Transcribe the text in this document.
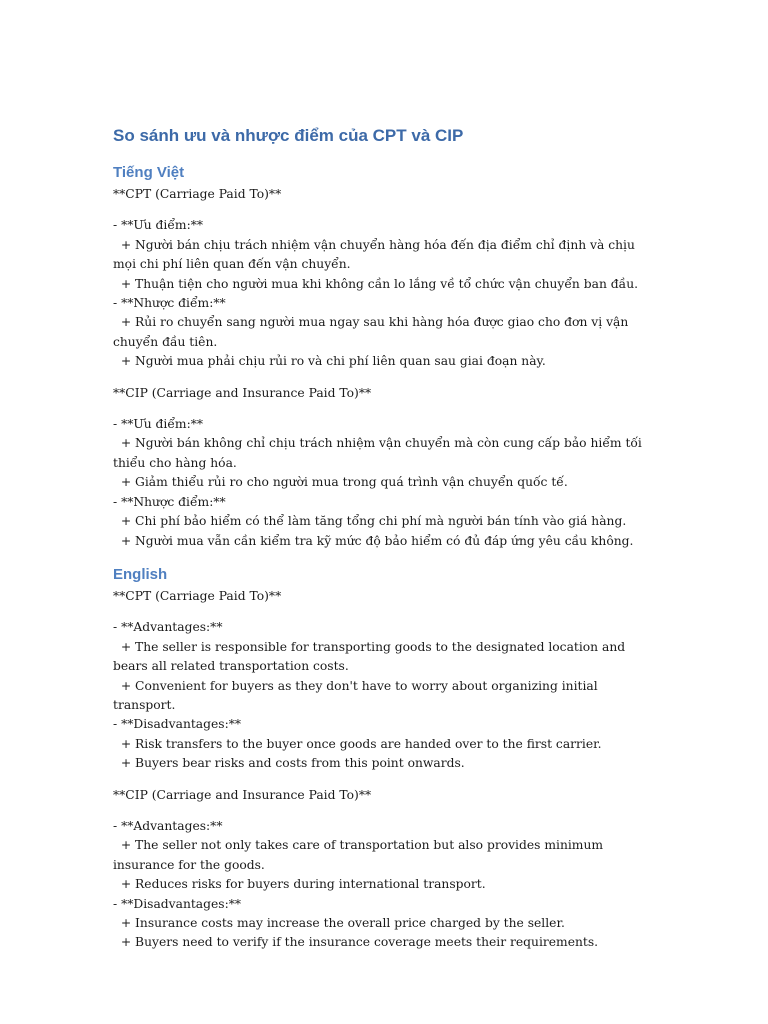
So sánh ưu và nhược điểm của CPT và CIP
Tiếng Việt

**CPT (Carriage Paid To)**

- **Ưu điểm:**

+ Người bán chịu trách nhiệm vận chuyển hàng hóa đến địa điểm chỉ định và chịu mọi chi phí liên quan đến vận chuyển.

+ Thuận tiện cho người mua khi không cần lo lắng về tổ chức vận chuyển ban đầu.

- **Nhược điểm:**

+ Rủi ro chuyển sang người mua ngay sau khi hàng hóa được giao cho đơn vị vận chuyển đầu tiên.

+ Người mua phải chịu rủi ro và chi phí liên quan sau giai đoạn này.

**CIP (Carriage and Insurance Paid To)**

- **Ưu điểm:**

+ Người bán không chỉ chịu trách nhiệm vận chuyển mà còn cung cấp bảo hiểm tối thiểu cho hàng hóa.

+ Giảm thiểu rủi ro cho người mua trong quá trình vận chuyển quốc tế.

- **Nhược điểm:**

+ Chi phí bảo hiểm có thể làm tăng tổng chi phí mà người bán tính vào giá hàng.

+ Người mua vẫn cần kiểm tra kỹ mức độ bảo hiểm có đủ đáp ứng yêu cầu không.

English

**CPT (Carriage Paid To)**

- **Advantages:**

+ The seller is responsible for transporting goods to the designated location and bears all related transportation costs.

+ Convenient for buyers as they don't have to worry about organizing initial transport.

- **Disadvantages:**

+ Risk transfers to the buyer once goods are handed over to the first carrier.

+ Buyers bear risks and costs from this point onwards.

**CIP (Carriage and Insurance Paid To)**

- **Advantages:**

+ The seller not only takes care of transportation but also provides minimum insurance for the goods.

+ Reduces risks for buyers during international transport.

- **Disadvantages:**

+ Insurance costs may increase the overall price charged by the seller.

+ Buyers need to verify if the insurance coverage meets their requirements.
